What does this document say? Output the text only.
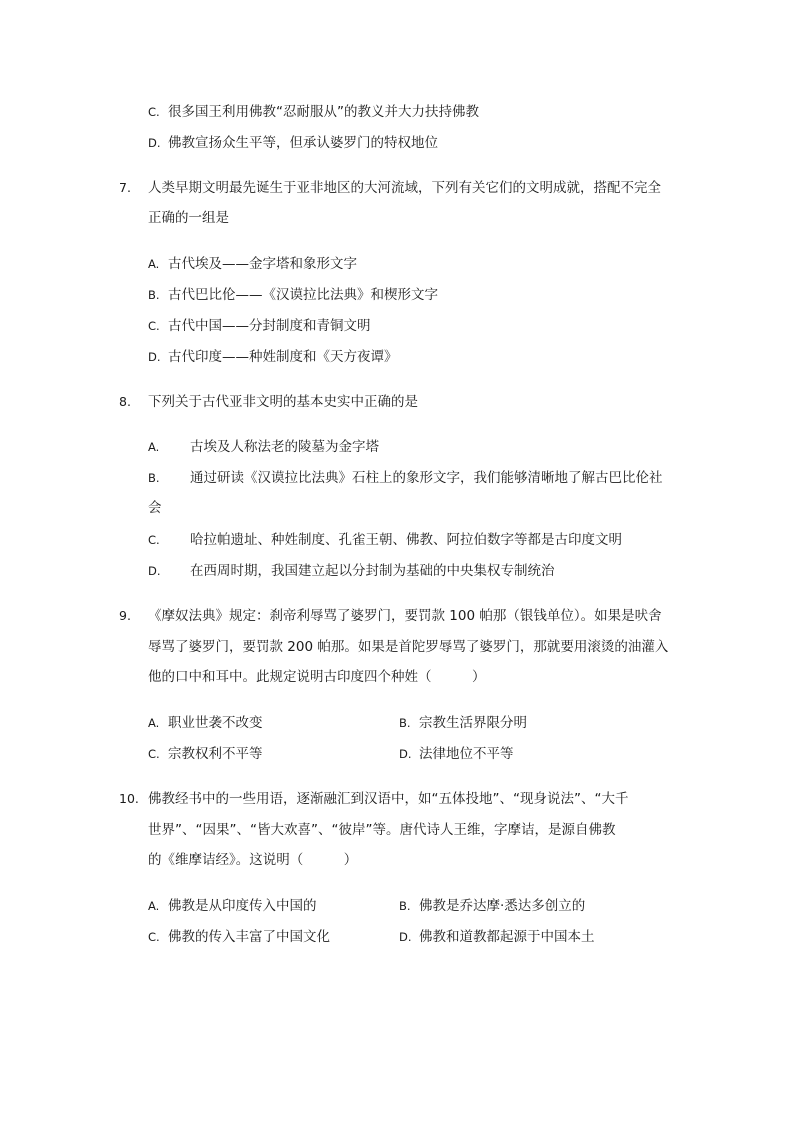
C. 很多国王利用佛教“忍耐服从”的教义并大力扶持佛教
D. 佛教宣扬众生平等，但承认婆罗门的特权地位
7. 人类早期文明最先诞生于亚非地区的大河流域，下列有关它们的文明成就，搭配不完全
正确的一组是
A. 古代埃及——金字塔和象形文字
B. 古代巴比伦——《汉谟拉比法典》和楔形文字
C. 古代中国——分封制度和青铜文明
D. 古代印度——种姓制度和《天方夜谭》
8. 下列关于古代亚非文明的基本史实中正确的是
A. 古埃及人称法老的陵墓为金字塔
B. 通过研读《汉谟拉比法典》石柱上的象形文字，我们能够清晰地了解古巴比伦社
会
C. 哈拉帕遗址、种姓制度、孔雀王朝、佛教、阿拉伯数字等都是古印度文明
D. 在西周时期，我国建立起以分封制为基础的中央集权专制统治
9. 《摩奴法典》规定：刹帝利辱骂了婆罗门，要罚款 100 帕那（银钱单位）。如果是吠舍
辱骂了婆罗门，要罚款 200 帕那。如果是首陀罗辱骂了婆罗门，那就要用滚烫的油灌入
他的口中和耳中。此规定说明古印度四个种姓（　　　）
A. 职业世袭不改变	B. 宗教生活界限分明
C. 宗教权利不平等	D. 法律地位不平等
10. 佛教经书中的一些用语，逐渐融汇到汉语中，如“五体投地”、“现身说法”、“大千
世界”、“因果”、“皆大欢喜”、“彼岸”等。唐代诗人王维，字摩诘，是源自佛教
的《维摩诘经》。这说明（　　　）
A. 佛教是从印度传入中国的	B. 佛教是乔达摩·悉达多创立的
C. 佛教的传入丰富了中国文化	D. 佛教和道教都起源于中国本土
